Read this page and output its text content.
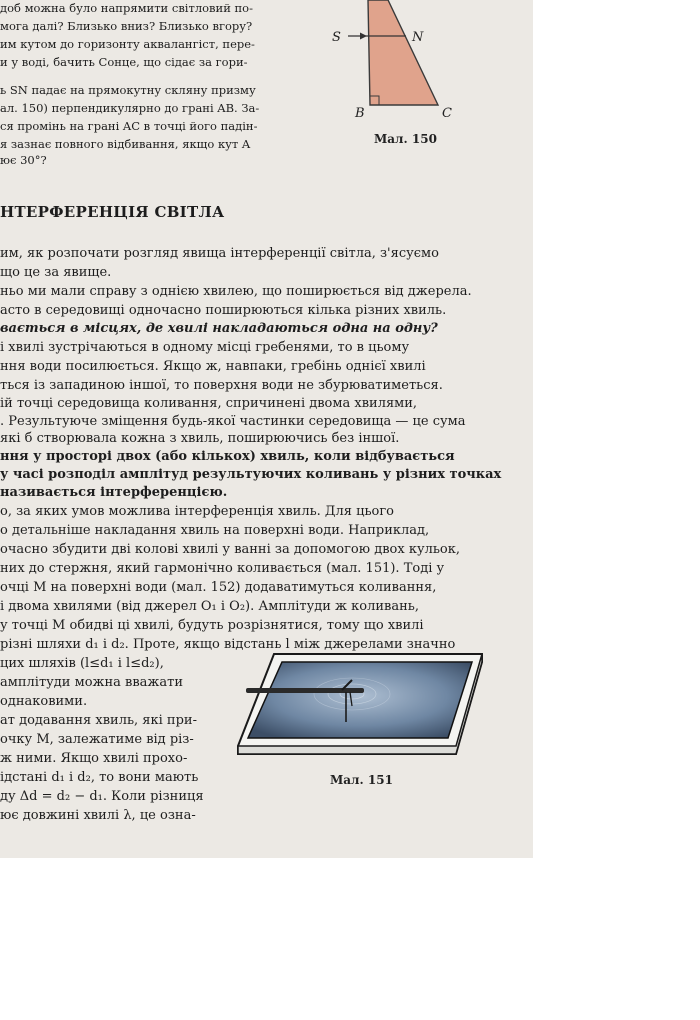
доб можна було напрямити світловий по-
мога далі? Близько вниз? Близько вгору?
им кутом до горизонту аквалангіст, пере-
и у воді, бачить Сонце, що сідає за гори-
ь SN падає на прямокутну скляну призму
ал. 150) перпендикулярно до грані AB. За-
ся промінь на грані AC в точці його падін-
я зазнає повного відбивання, якщо кут A
ює 30°?
S	N
B	C
Мал. 150
НТЕРФЕРЕНЦІЯ СВІТЛА
им, як розпочати розгляд явища інтерференції світла, з'ясуємо
що це за явище.
ньо ми мали справу з однією хвилею, що поширюється від джерела.
асто в середовищі одночасно поширюються кілька різних хвиль.
вається в місцях, де хвилі накладаються одна на одну?
і хвилі зустрічаються в одному місці гребенями, то в цьому
ння води посилюється. Якщо ж, навпаки, гребінь однієї хвилі
ться із западиною іншої, то поверхня води не збурюватиметься.
ій точці середовища коливання, спричинені двома хвилями,
. Результуюче зміщення будь-якої частинки середовища — це сума
які б створювала кожна з хвиль, поширюючись без іншої.
ння у просторі двох (або кількох) хвиль, коли відбувається
у часі розподіл амплітуд результуючих коливань у різних точках
називається інтерференцією.
о, за яких умов можлива інтерференція хвиль. Для цього
о детальніше накладання хвиль на поверхні води. Наприклад,
очасно збудити дві колові хвилі у ванні за допомогою двох кульок,
них до стержня, який гармонічно коливається (мал. 151). Тоді у
очці M на поверхні води (мал. 152) додаватимуться коливання,
і двома хвилями (від джерел O₁ і O₂). Амплітуди ж коливань,
у точці M обидві ці хвилі, будуть розрізнятися, тому що хвилі
різні шляхи d₁ і d₂. Проте, якщо відстань l між джерелами значно
цих шляхів (l≤d₁ і l≤d₂),
амплітуди можна вважати
однаковими.
ат додавання хвиль, які при-
очку M, залежатиме від різ-
ж ними. Якщо хвилі прохо-
ідстані d₁ і d₂, то вони мають
ду Δd = d₂ − d₁. Коли різниця
ює довжині хвилі λ, це озна-
Мал. 151
